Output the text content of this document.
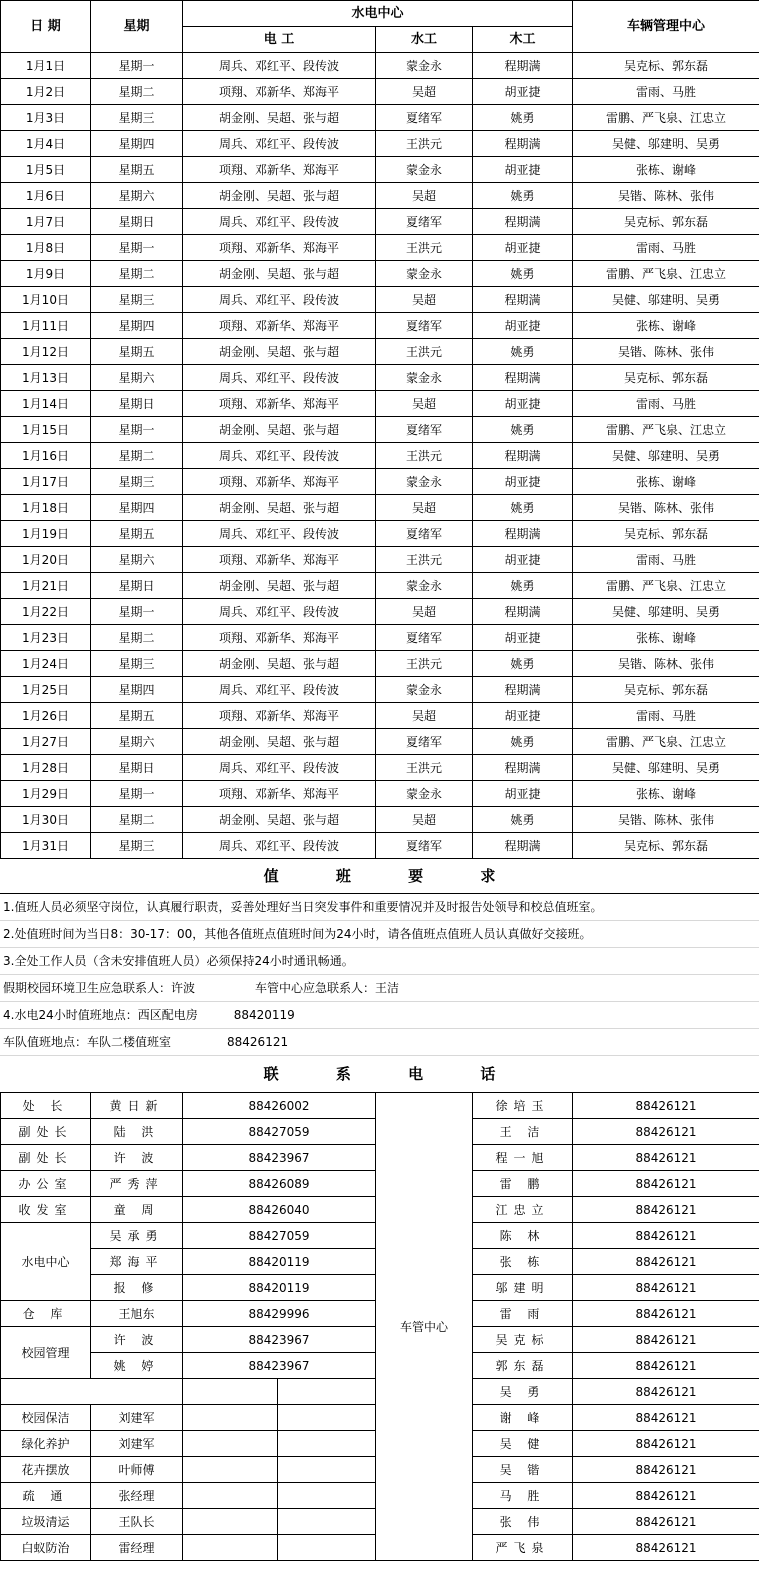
日 期	星期	水电中心			车辆管理中心
		电 工	水工	木工	
1月1日	星期一	周兵、邓红平、段传波	蒙金永	程期满	吴克标、郭东磊
1月2日	星期二	项翔、邓新华、郑海平	吴超	胡亚捷	雷雨、马胜
1月3日	星期三	胡金刚、吴超、张与超	夏绪军	姚勇	雷鹏、严飞泉、江忠立
1月4日	星期四	周兵、邓红平、段传波	王洪元	程期满	吴健、邬建明、吴勇
1月5日	星期五	项翔、邓新华、郑海平	蒙金永	胡亚捷	张栋、谢峰
1月6日	星期六	胡金刚、吴超、张与超	吴超	姚勇	吴锴、陈林、张伟
1月7日	星期日	周兵、邓红平、段传波	夏绪军	程期满	吴克标、郭东磊
1月8日	星期一	项翔、邓新华、郑海平	王洪元	胡亚捷	雷雨、马胜
1月9日	星期二	胡金刚、吴超、张与超	蒙金永	姚勇	雷鹏、严飞泉、江忠立
1月10日	星期三	周兵、邓红平、段传波	吴超	程期满	吴健、邬建明、吴勇
1月11日	星期四	项翔、邓新华、郑海平	夏绪军	胡亚捷	张栋、谢峰
1月12日	星期五	胡金刚、吴超、张与超	王洪元	姚勇	吴锴、陈林、张伟
1月13日	星期六	周兵、邓红平、段传波	蒙金永	程期满	吴克标、郭东磊
1月14日	星期日	项翔、邓新华、郑海平	吴超	胡亚捷	雷雨、马胜
1月15日	星期一	胡金刚、吴超、张与超	夏绪军	姚勇	雷鹏、严飞泉、江忠立
1月16日	星期二	周兵、邓红平、段传波	王洪元	程期满	吴健、邬建明、吴勇
1月17日	星期三	项翔、邓新华、郑海平	蒙金永	胡亚捷	张栋、谢峰
1月18日	星期四	胡金刚、吴超、张与超	吴超	姚勇	吴锴、陈林、张伟
1月19日	星期五	周兵、邓红平、段传波	夏绪军	程期满	吴克标、郭东磊
1月20日	星期六	项翔、邓新华、郑海平	王洪元	胡亚捷	雷雨、马胜
1月21日	星期日	胡金刚、吴超、张与超	蒙金永	姚勇	雷鹏、严飞泉、江忠立
1月22日	星期一	周兵、邓红平、段传波	吴超	程期满	吴健、邬建明、吴勇
1月23日	星期二	项翔、邓新华、郑海平	夏绪军	胡亚捷	张栋、谢峰
1月24日	星期三	胡金刚、吴超、张与超	王洪元	姚勇	吴锴、陈林、张伟
1月25日	星期四	周兵、邓红平、段传波	蒙金永	程期满	吴克标、郭东磊
1月26日	星期五	项翔、邓新华、郑海平	吴超	胡亚捷	雷雨、马胜
1月27日	星期六	胡金刚、吴超、张与超	夏绪军	姚勇	雷鹏、严飞泉、江忠立
1月28日	星期日	周兵、邓红平、段传波	王洪元	程期满	吴健、邬建明、吴勇
1月29日	星期一	项翔、邓新华、郑海平	蒙金永	胡亚捷	张栋、谢峰
1月30日	星期二	胡金刚、吴超、张与超	吴超	姚勇	吴锴、陈林、张伟
1月31日	星期三	周兵、邓红平、段传波	夏绪军	程期满	吴克标、郭东磊
值 班 要 求
1.值班人员必须坚守岗位，认真履行职责，妥善处理好当日突发事件和重要情况并及时报告处领导和校总值班室。
2.处值班时间为当日8：30-17：00，其他各值班点值班时间为24小时，请各值班点值班人员认真做好交接班。
3.全处工作人员（含未安排值班人员）必须保持24小时通讯畅通。
假期校园环境卫生应急联系人：许波	车管中心应急联系人：王洁
4.水电24小时值班地点：西区配电房	88420119
车队值班地点：车队二楼值班室	88426121
联 系 电 话
处 长	黄日新	88426002		车管中心	徐培玉	88426121
副处长	陆 洪	88427059			王 洁	88426121
副处长	许 波	88423967			程一旭	88426121
办公室	严秀萍	88426089			雷 鹏	88426121
收发室	童 周	88426040			江忠立	88426121
水电中心	吴承勇	88427059			陈 林	88426121
	郑海平	88420119			张 栋	88426121
	报 修	88420119			邬建明	88426121
仓 库	王旭东	88429996			雷 雨	88426121
校园管理	许 波	88423967			吴克标	88426121
	姚 婷	88423967			郭东磊	88426121
					吴 勇	88426121
校园保洁	刘建军				谢 峰	88426121
绿化养护	刘建军				吴 健	88426121
花卉摆放	叶师傅				吴 锴	88426121
疏 通	张经理				马 胜	88426121
垃圾清运	王队长				张 伟	88426121
白蚁防治	雷经理				严飞泉	88426121
